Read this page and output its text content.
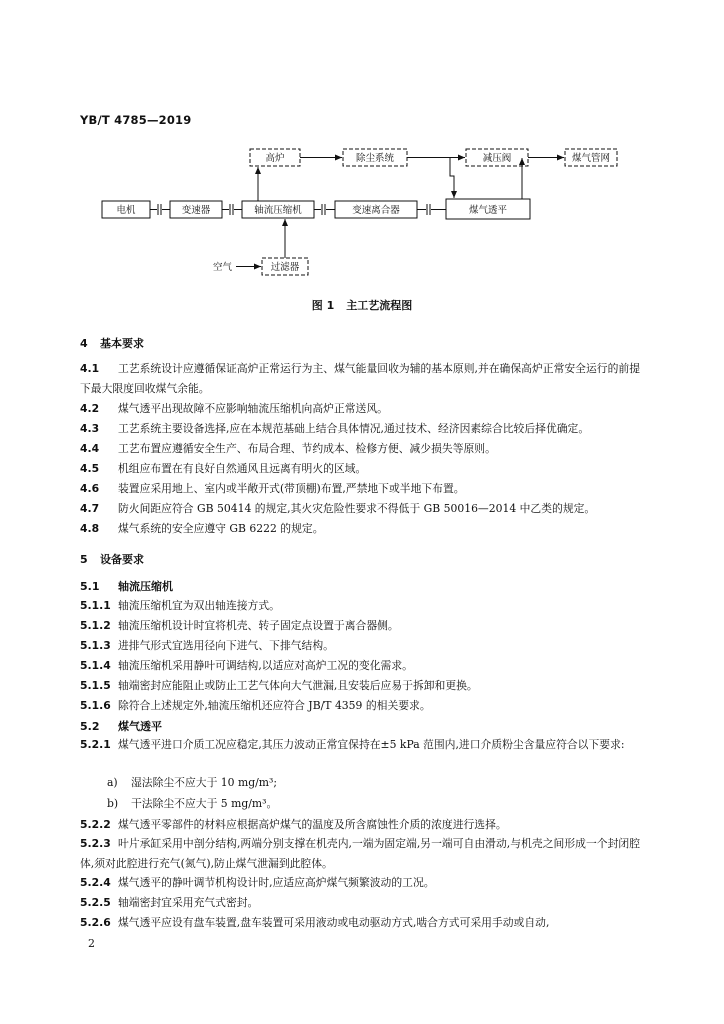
YB/T 4785—2019
电机	变速器	轴流压缩机	变速离合器	煤气透平
高炉	除尘系统	减压阀	煤气管网
过滤器
空气
图 1 主工艺流程图
4 基本要求
4.1 工艺系统设计应遵循保证高炉正常运行为主、煤气能量回收为辅的基本原则,并在确保高炉正常安全运行的前提下最大限度回收煤气余能。
4.2 煤气透平出现故障不应影响轴流压缩机向高炉正常送风。
4.3 工艺系统主要设备选择,应在本规范基础上结合具体情况,通过技术、经济因素综合比较后择优确定。
4.4 工艺布置应遵循安全生产、布局合理、节约成本、检修方便、减少损失等原则。
4.5 机组应布置在有良好自然通风且远离有明火的区域。
4.6 装置应采用地上、室内或半敞开式(带顶棚)布置,严禁地下或半地下布置。
4.7 防火间距应符合 GB 50414 的规定,其火灾危险性要求不得低于 GB 50016—2014 中乙类的规定。
4.8 煤气系统的安全应遵守 GB 6222 的规定。
5 设备要求
5.1 轴流压缩机
5.1.1 轴流压缩机宜为双出轴连接方式。
5.1.2 轴流压缩机设计时宜将机壳、转子固定点设置于离合器侧。
5.1.3 进排气形式宜选用径向下进气、下排气结构。
5.1.4 轴流压缩机采用静叶可调结构,以适应对高炉工况的变化需求。
5.1.5 轴端密封应能阻止或防止工艺气体向大气泄漏,且安装后应易于拆卸和更换。
5.1.6 除符合上述规定外,轴流压缩机还应符合 JB/T 4359 的相关要求。
5.2 煤气透平
5.2.1 煤气透平进口介质工况应稳定,其压力波动正常宜保持在±5 kPa 范围内,进口介质粉尘含量应符合以下要求:
a) 湿法除尘不应大于 10 mg/m³;
b) 干法除尘不应大于 5 mg/m³。
5.2.2 煤气透平零部件的材料应根据高炉煤气的温度及所含腐蚀性介质的浓度进行选择。
5.2.3 叶片承缸采用中剖分结构,两端分别支撑在机壳内,一端为固定端,另一端可自由滑动,与机壳之间形成一个封闭腔体,须对此腔进行充气(氮气),防止煤气泄漏到此腔体。
5.2.4 煤气透平的静叶调节机构设计时,应适应高炉煤气频繁波动的工况。
5.2.5 轴端密封宜采用充气式密封。
5.2.6 煤气透平应设有盘车装置,盘车装置可采用液动或电动驱动方式,啮合方式可采用手动或自动,
2
